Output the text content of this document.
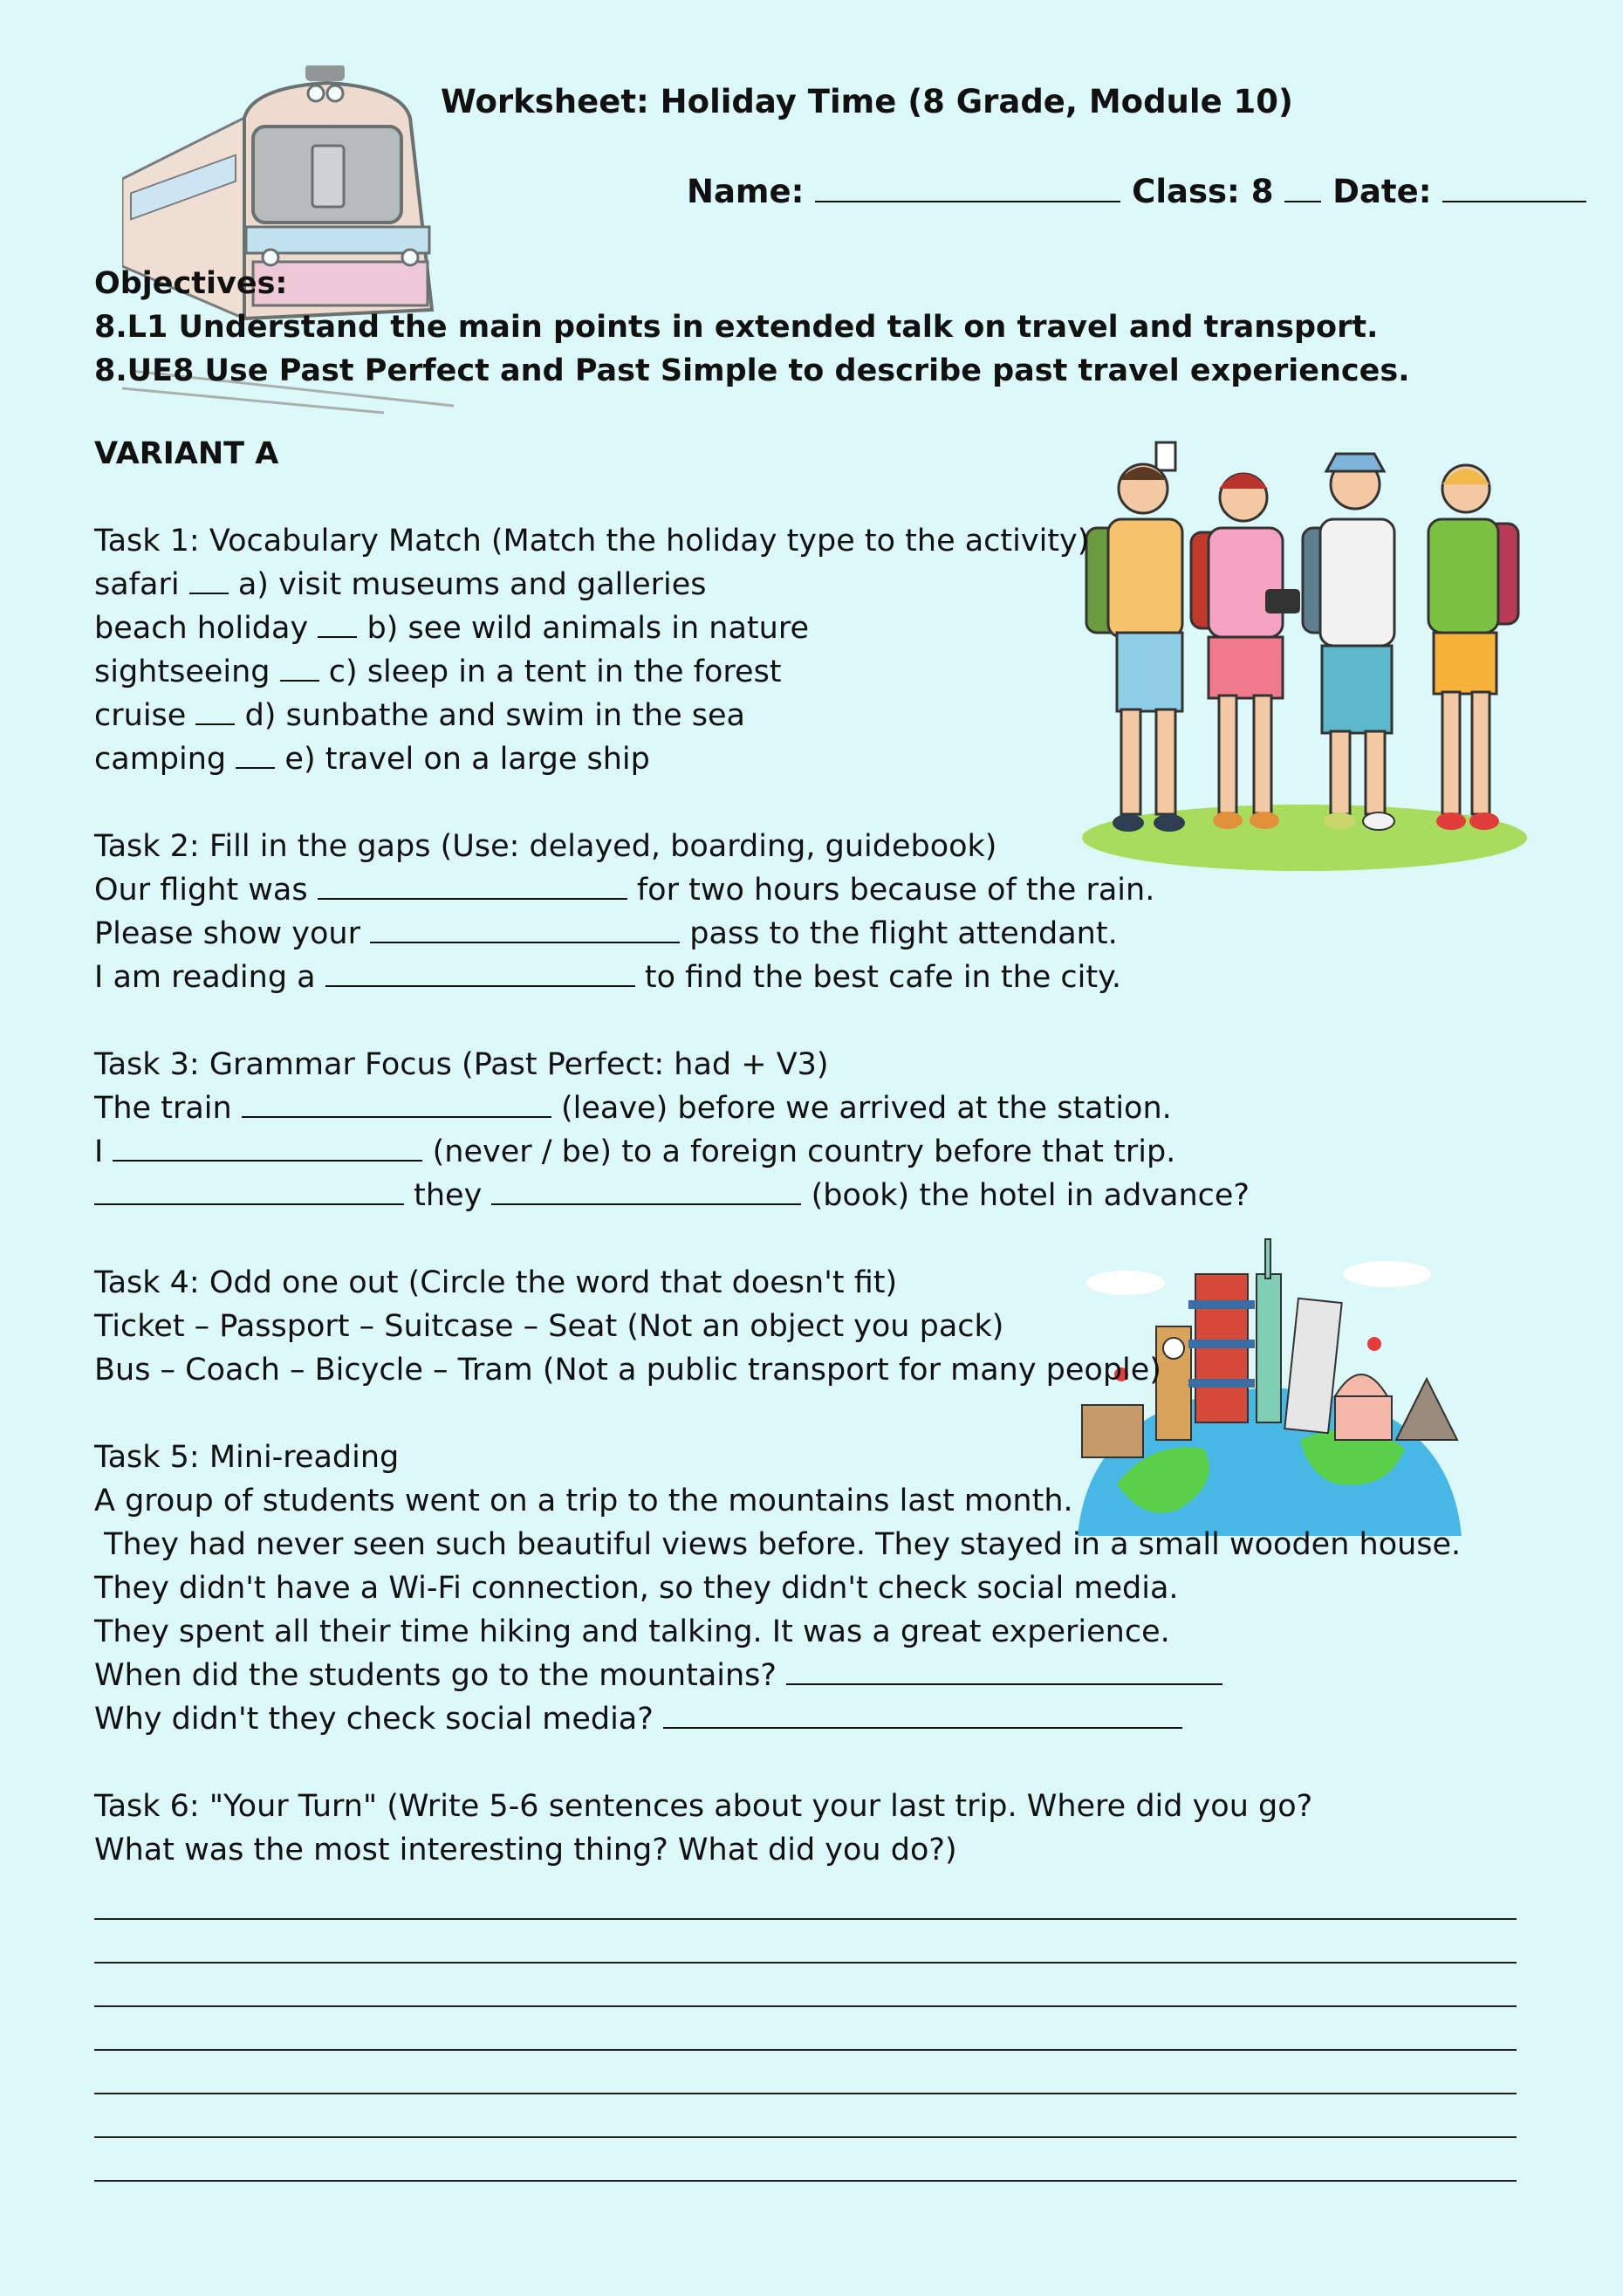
Worksheet: Holiday Time (8 Grade, Module 10)
Name:	Class: 8 Date:
Objectives:
8.L1 Understand the main points in extended talk on travel and transport.
8.UE8 Use Past Perfect and Past Simple to describe past travel experiences.
VARIANT A
Task 1: Vocabulary Match (Match the holiday type to the activity)
safari a) visit museums and galleries
beach holiday b) see wild animals in nature
sightseeing c) sleep in a tent in the forest
cruise d) sunbathe and swim in the sea
camping e) travel on a large ship
Task 2: Fill in the gaps (Use: delayed, boarding, guidebook)
Our flight was	for two hours because of the rain.
Please show your	pass to the flight attendant.
I am reading a	to find the best cafe in the city.
Task 3: Grammar Focus (Past Perfect: had + V3)
The train	(leave) before we arrived at the station.
I	(never / be) to a foreign country before that trip.
they	(book) the hotel in advance?
Task 4: Odd one out (Circle the word that doesn't fit)
Ticket – Passport – Suitcase – Seat (Not an object you pack)
Bus – Coach – Bicycle – Tram (Not a public transport for many people)
Task 5: Mini-reading
A group of students went on a trip to the mountains last month.
They had never seen such beautiful views before. They stayed in a small wooden house.
They didn't have a Wi-Fi connection, so they didn't check social media.
They spent all their time hiking and talking. It was a great experience.
When did the students go to the mountains?
Why didn't they check social media?
Task 6: "Your Turn" (Write 5-6 sentences about your last trip. Where did you go?
What was the most interesting thing? What did you do?)
